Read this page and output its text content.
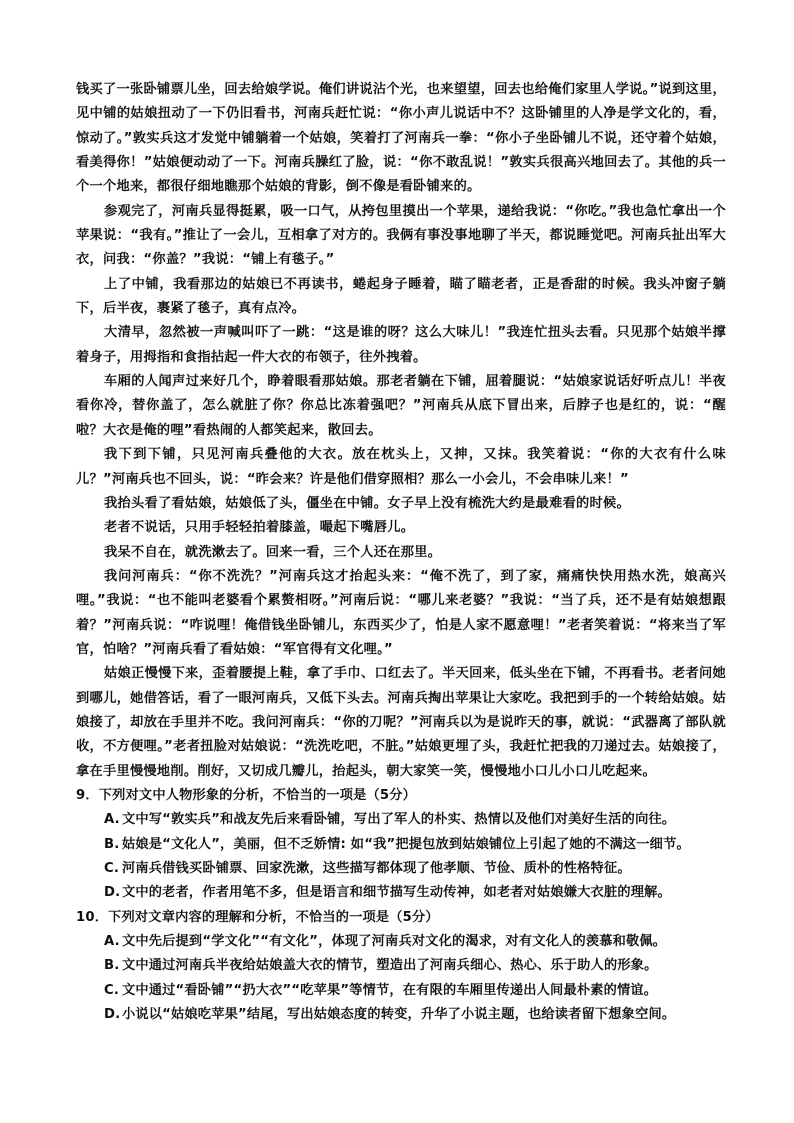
钱买了一张卧铺票儿坐，回去给娘学说。俺们讲说沾个光，也来望望，回去也给俺们家里人学说。”说到这里，见中铺的姑娘扭动了一下仍旧看书，河南兵赶忙说：“你小声儿说话中不？这卧铺里的人净是学文化的，看，惊动了。”敦实兵这才发觉中铺躺着一个姑娘，笑着打了河南兵一拳：“你小子坐卧铺儿不说，还守着个姑娘，看美得你！”姑娘便动动了一下。河南兵臊红了脸，说：“你不敢乱说！”敦实兵很高兴地回去了。其他的兵一个一个地来，都很仔细地瞧那个姑娘的背影，倒不像是看卧铺来的。

参观完了，河南兵显得挺累，吸一口气，从挎包里摸出一个苹果，递给我说：“你吃。”我也急忙拿出一个苹果说：“我有。”推让了一会儿，互相拿了对方的。我俩有事没事地聊了半天，都说睡觉吧。河南兵扯出军大衣，问我：“你盖？”我说：“铺上有毯子。”

上了中铺，我看那边的姑娘已不再读书，蜷起身子睡着，瞄了瞄老者，正是香甜的时候。我头冲窗子躺下，后半夜，裹紧了毯子，真有点冷。

大清早，忽然被一声喊叫吓了一跳：“这是谁的呀？这么大味儿！”我连忙扭头去看。只见那个姑娘半撑着身子，用拇指和食指拈起一件大衣的布领子，往外拽着。

车厢的人闻声过来好几个，睁着眼看那姑娘。那老者躺在下铺，屈着腿说：“姑娘家说话好听点儿！半夜看你冷，替你盖了，怎么就脏了你？你总比冻着强吧？”河南兵从底下冒出来，后脖子也是红的，说：“醒啦？大衣是俺的哩”看热闹的人都笑起来，散回去。

我下到下铺，只见河南兵叠他的大衣。放在枕头上，又抻，又抹。我笑着说：“你的大衣有什么味儿？”河南兵也不回头，说：“昨会来？许是他们借穿照相？那么一小会儿，不会串味儿来！”

我抬头看了看姑娘，姑娘低了头，僵坐在中铺。女子早上没有梳洗大约是最难看的时候。

老者不说话，只用手轻轻拍着膝盖，嘬起下嘴唇儿。

我呆不自在，就洗漱去了。回来一看，三个人还在那里。

我问河南兵：“你不洗洗？”河南兵这才抬起头来：“俺不洗了，到了家，痛痛快快用热水洗，娘高兴哩。”我说：“也不能叫老婆看个累赘相呀。”河南后说：“哪儿来老婆？”我说：“当了兵，还不是有姑娘想跟着？”河南兵说：“咋说哩！俺借钱坐卧铺儿，东西买少了，怕是人家不愿意哩！”老者笑着说：“将来当了军官，怕啥？”河南兵看了看姑娘：“军官得有文化哩。”

姑娘正慢慢下来，歪着腰提上鞋，拿了手巾、口红去了。半天回来，低头坐在下铺，不再看书。老者问她到哪儿，她借答话，看了一眼河南兵，又低下头去。河南兵掏出苹果让大家吃。我把到手的一个转给姑娘。姑娘接了，却放在手里并不吃。我问河南兵：“你的刀呢？”河南兵以为是说昨天的事，就说：“武器离了部队就收，不方便哩。”老者扭脸对姑娘说：“洗洗吃吧，不脏。”姑娘更埋了头，我赶忙把我的刀递过去。姑娘接了，拿在手里慢慢地削。削好，又切成几瓣儿，抬起头，朝大家笑一笑，慢慢地小口儿小口儿吃起来。

9．下列对文中人物形象的分析，不恰当的一项是（5分）

A. 文中写“敦实兵”和战友先后来看卧铺，写出了军人的朴实、热情以及他们对美好生活的向往。
B. 姑娘是“文化人”，美丽，但不乏娇情: 如“我”把提包放到姑娘铺位上引起了她的不满这一细节。
C. 河南兵借钱买卧铺票、回家洗漱，这些描写都体现了他孝顺、节俭、质朴的性格特征。
D. 文中的老者，作者用笔不多，但是语言和细节描写生动传神，如老者对姑娘嫌大衣脏的理解。

10．下列对文章内容的理解和分析，不恰当的一项是（5分）

A. 文中先后提到“学文化”“有文化”，体现了河南兵对文化的渴求，对有文化人的羡慕和敬佩。
B. 文中通过河南兵半夜给姑娘盖大衣的情节，塑造出了河南兵细心、热心、乐于助人的形象。
C. 文中通过“看卧铺”“扔大衣”“吃苹果”等情节，在有限的车厢里传递出人间最朴素的情谊。
D. 小说以“姑娘吃苹果”结尾，写出姑娘态度的转变，升华了小说主题，也给读者留下想象空间。
